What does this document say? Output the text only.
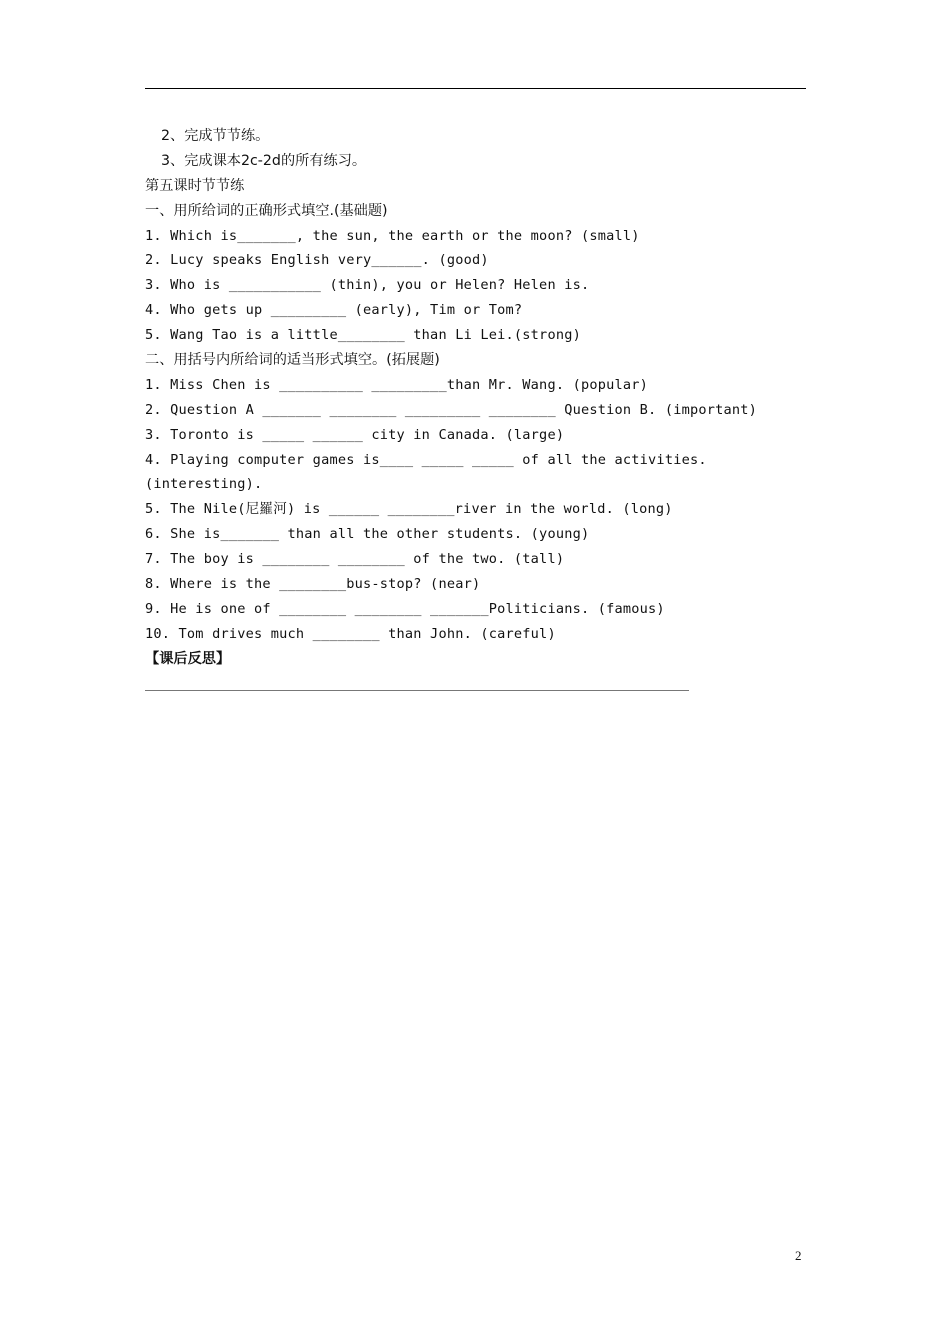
2、完成节节练。
3、完成课本2c-2d的所有练习。
第五课时节节练
一、用所给词的正确形式填空.(基础题)
1. Which is_______, the sun, the earth or the moon? (small)
2. Lucy speaks English very______. (good)
3. Who is ___________ (thin), you or Helen? Helen is.
4. Who gets up _________ (early), Tim or Tom?
5. Wang Tao is a little________ than Li Lei.(strong)
二、用括号内所给词的适当形式填空。(拓展题)
1. Miss Chen is __________ _________than Mr. Wang. (popular)
2. Question A _______ ________ _________ ________ Question B. (important)
3. Toronto is _____ ______ city in Canada. (large)
4. Playing computer games is____ _____ _____ of all the activities.
(interesting).
5. The Nile(尼羅河) is ______ ________river in the world. (long)
6. She is_______ than all the other students. (young)
7. The boy is ________ ________ of the two. (tall)
8. Where is the ________bus-stop? (near)
9. He is one of ________ ________ _______Politicians. (famous)
10. Tom drives much ________ than John. (careful)
【课后反思】
2
